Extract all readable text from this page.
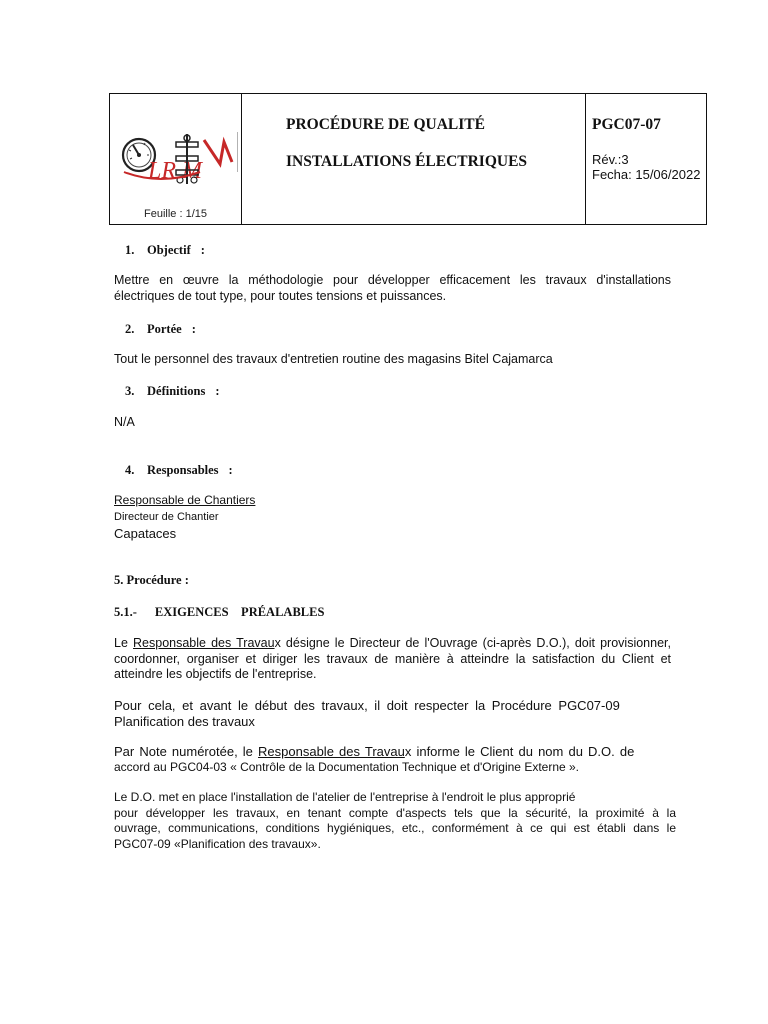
LR M
Feuille : 1/15
PROCÉDURE DE QUALITÉ
INSTALLATIONS ÉLECTRIQUES
PGC07-07
Rév.:3
Fecha: 15/06/2022
1. Objectif :
Mettre en œuvre la méthodologie pour développer efficacement les travaux d'installations
électriques de tout type, pour toutes tensions et puissances.
2. Portée :
Tout le personnel des travaux d'entretien routine des magasins Bitel Cajamarca
3. Définitions :
N/A
4. Responsables :
Responsable de Chantiers
Directeur de Chantier
Capataces
5. Procédure :
5.1.- EXIGENCES    PRÉALABLES
Le Responsable des Travaux désigne le Directeur de l'Ouvrage (ci-après D.O.), doit provisionner,
coordonner, organiser et diriger les travaux de manière à atteindre la satisfaction du Client et
atteindre les objectifs de l'entreprise.
Pour cela, et avant le début des travaux, il doit respecter la Procédure PGC07-09
Planification des travaux
Par Note numérotée, le Responsable des Travaux informe le Client du nom du D.O. de
accord au PGC04-03 « Contrôle de la Documentation Technique et d'Origine Externe ».
Le D.O. met en place l'installation de l'atelier de l'entreprise à l'endroit le plus approprié
pour développer les travaux, en tenant compte d'aspects tels que la sécurité, la proximité à la
ouvrage, communications, conditions hygiéniques, etc., conformément à ce qui est établi dans le
PGC07-09 «Planification des travaux».
